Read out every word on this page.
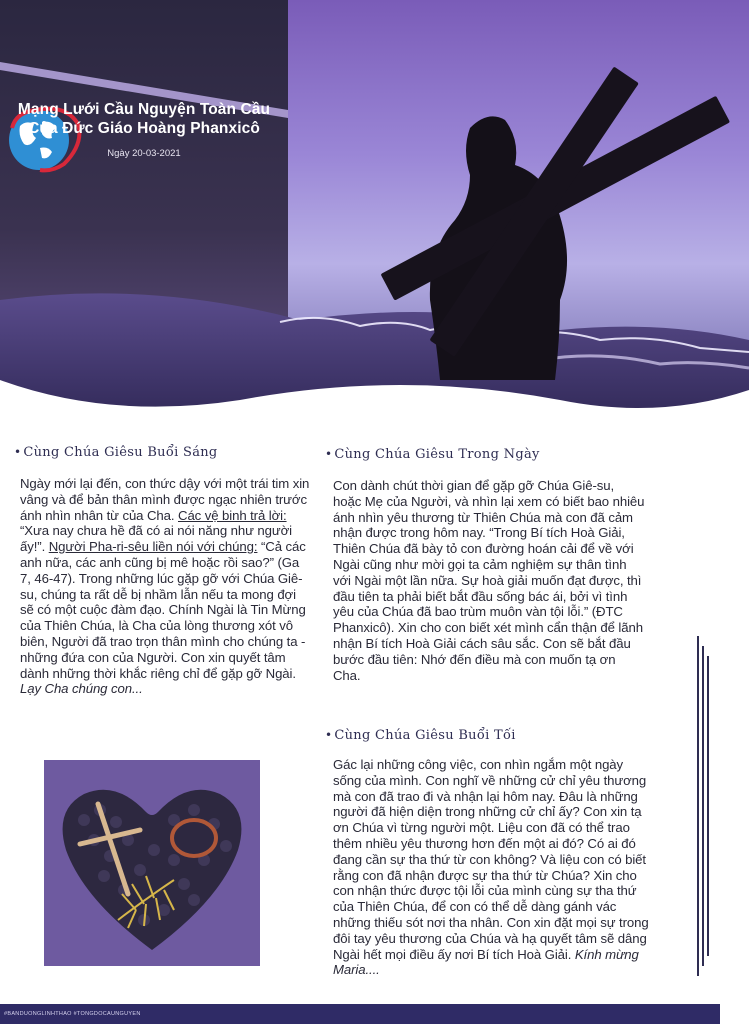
Mạng Lưới Cầu Nguyện Toàn Cầu
Của Đức Giáo Hoàng Phanxicô
Ngày 20-03-2021
• Cùng Chúa Giêsu Buổi Sáng

Ngày mới lại đến, con thức dậy với một trái tim xin vâng và để bản thân mình được ngạc nhiên trước ánh nhìn nhân từ của Cha. Các vệ binh trả lời: “Xưa nay chưa hề đã có ai nói năng như người ấy!”. Người Pha-ri-sêu liền nói với chúng: “Cả các anh nữa, các anh cũng bị mê hoặc rồi sao?” (Ga 7, 46-47). Trong những lúc gặp gỡ với Chúa Giê-su, chúng ta rất dễ bị nhầm lẫn nếu ta mong đợi sẽ có một cuộc đàm đạo. Chính Ngài là Tin Mừng của Thiên Chúa, là Cha của lòng thương xót vô biên, Người đã trao trọn thân mình cho chúng ta - những đứa con của Người. Con xin quyết tâm dành những thời khắc riêng chỉ để gặp gỡ Ngài.

Lạy Cha chúng con...

• Cùng Chúa Giêsu Trong Ngày

Con dành chút thời gian để gặp gỡ Chúa Giê-su, hoặc Mẹ của Người, và nhìn lại xem có biết bao nhiêu ánh nhìn yêu thương từ Thiên Chúa mà con đã cảm nhận được trong hôm nay. “Trong Bí tích Hoà Giải, Thiên Chúa đã bày tỏ con đường hoán cải để về với Ngài cũng như mời gọi ta cảm nghiệm sự thân tình với Ngài một lần nữa. Sự hoà giải muốn đạt được, thì đầu tiên ta phải biết bắt đầu sống bác ái, bởi vì tình yêu của Chúa đã bao trùm muôn vàn tội lỗi.” (ĐTC Phanxicô). Xin cho con biết xét mình cẩn thận để lãnh nhận Bí tích Hoà Giải cách sâu sắc. Con sẽ bắt đầu bước đầu tiên: Nhớ đến điều mà con muốn tạ ơn Cha.

• Cùng Chúa Giêsu Buổi Tối

Gác lại những công việc, con nhìn ngắm một ngày sống của mình. Con nghĩ về những cử chỉ yêu thương mà con đã trao đi và nhận lại hôm nay. Đâu là những người đã hiện diện trong những cử chỉ ấy? Con xin tạ ơn Chúa vì từng người một. Liệu con đã có thể trao thêm nhiều yêu thương hơn đến một ai đó? Có ai đó đang cần sự tha thứ từ con không? Và liệu con có biết rằng con đã nhận được sự tha thứ từ Chúa? Xin cho con nhận thức được tội lỗi của mình cùng sự tha thứ của Thiên Chúa, để con có thể dễ dàng gánh vác những thiếu sót nơi tha nhân. Con xin đặt mọi sự trong đôi tay yêu thương của Chúa và hạ quyết tâm sẽ dâng Ngài hết mọi điều ấy nơi Bí tích Hoà Giải. Kính mừng Maria....

#BANDUONGLINHTHAO #TONGDOCAUNGUYEN
